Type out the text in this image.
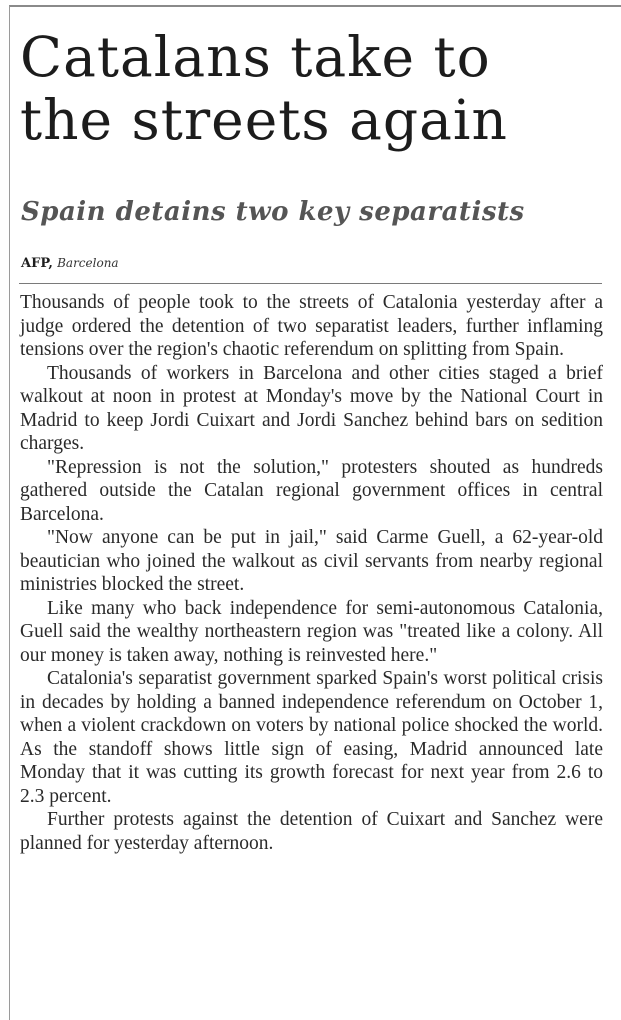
Catalans take to
the streets again
Spain detains two key separatists
AFP, Barcelona

Thousands of people took to the streets of Catalonia yesterday after a judge ordered the detention of two separatist leaders, further inflaming tensions over the region's chaotic referendum on splitting from Spain.

Thousands of workers in Barcelona and other cities staged a brief walkout at noon in protest at Monday's move by the National Court in Madrid to keep Jordi Cuixart and Jordi Sanchez behind bars on sedition charges.

"Repression is not the solution," protesters shouted as hundreds gathered outside the Catalan regional government offices in central Barcelona.

"Now anyone can be put in jail," said Carme Guell, a 62-year-old beautician who joined the walkout as civil servants from nearby regional ministries blocked the street.

Like many who back independence for semi-autonomous Catalonia, Guell said the wealthy northeastern region was "treated like a colony. All our money is taken away, nothing is reinvested here."

Catalonia's separatist government sparked Spain's worst political crisis in decades by holding a banned independence referendum on October 1, when a violent crackdown on voters by national police shocked the world. As the standoff shows little sign of easing, Madrid announced late Monday that it was cutting its growth forecast for next year from 2.6 to 2.3 percent.

Further protests against the detention of Cuixart and Sanchez were planned for yesterday afternoon.
